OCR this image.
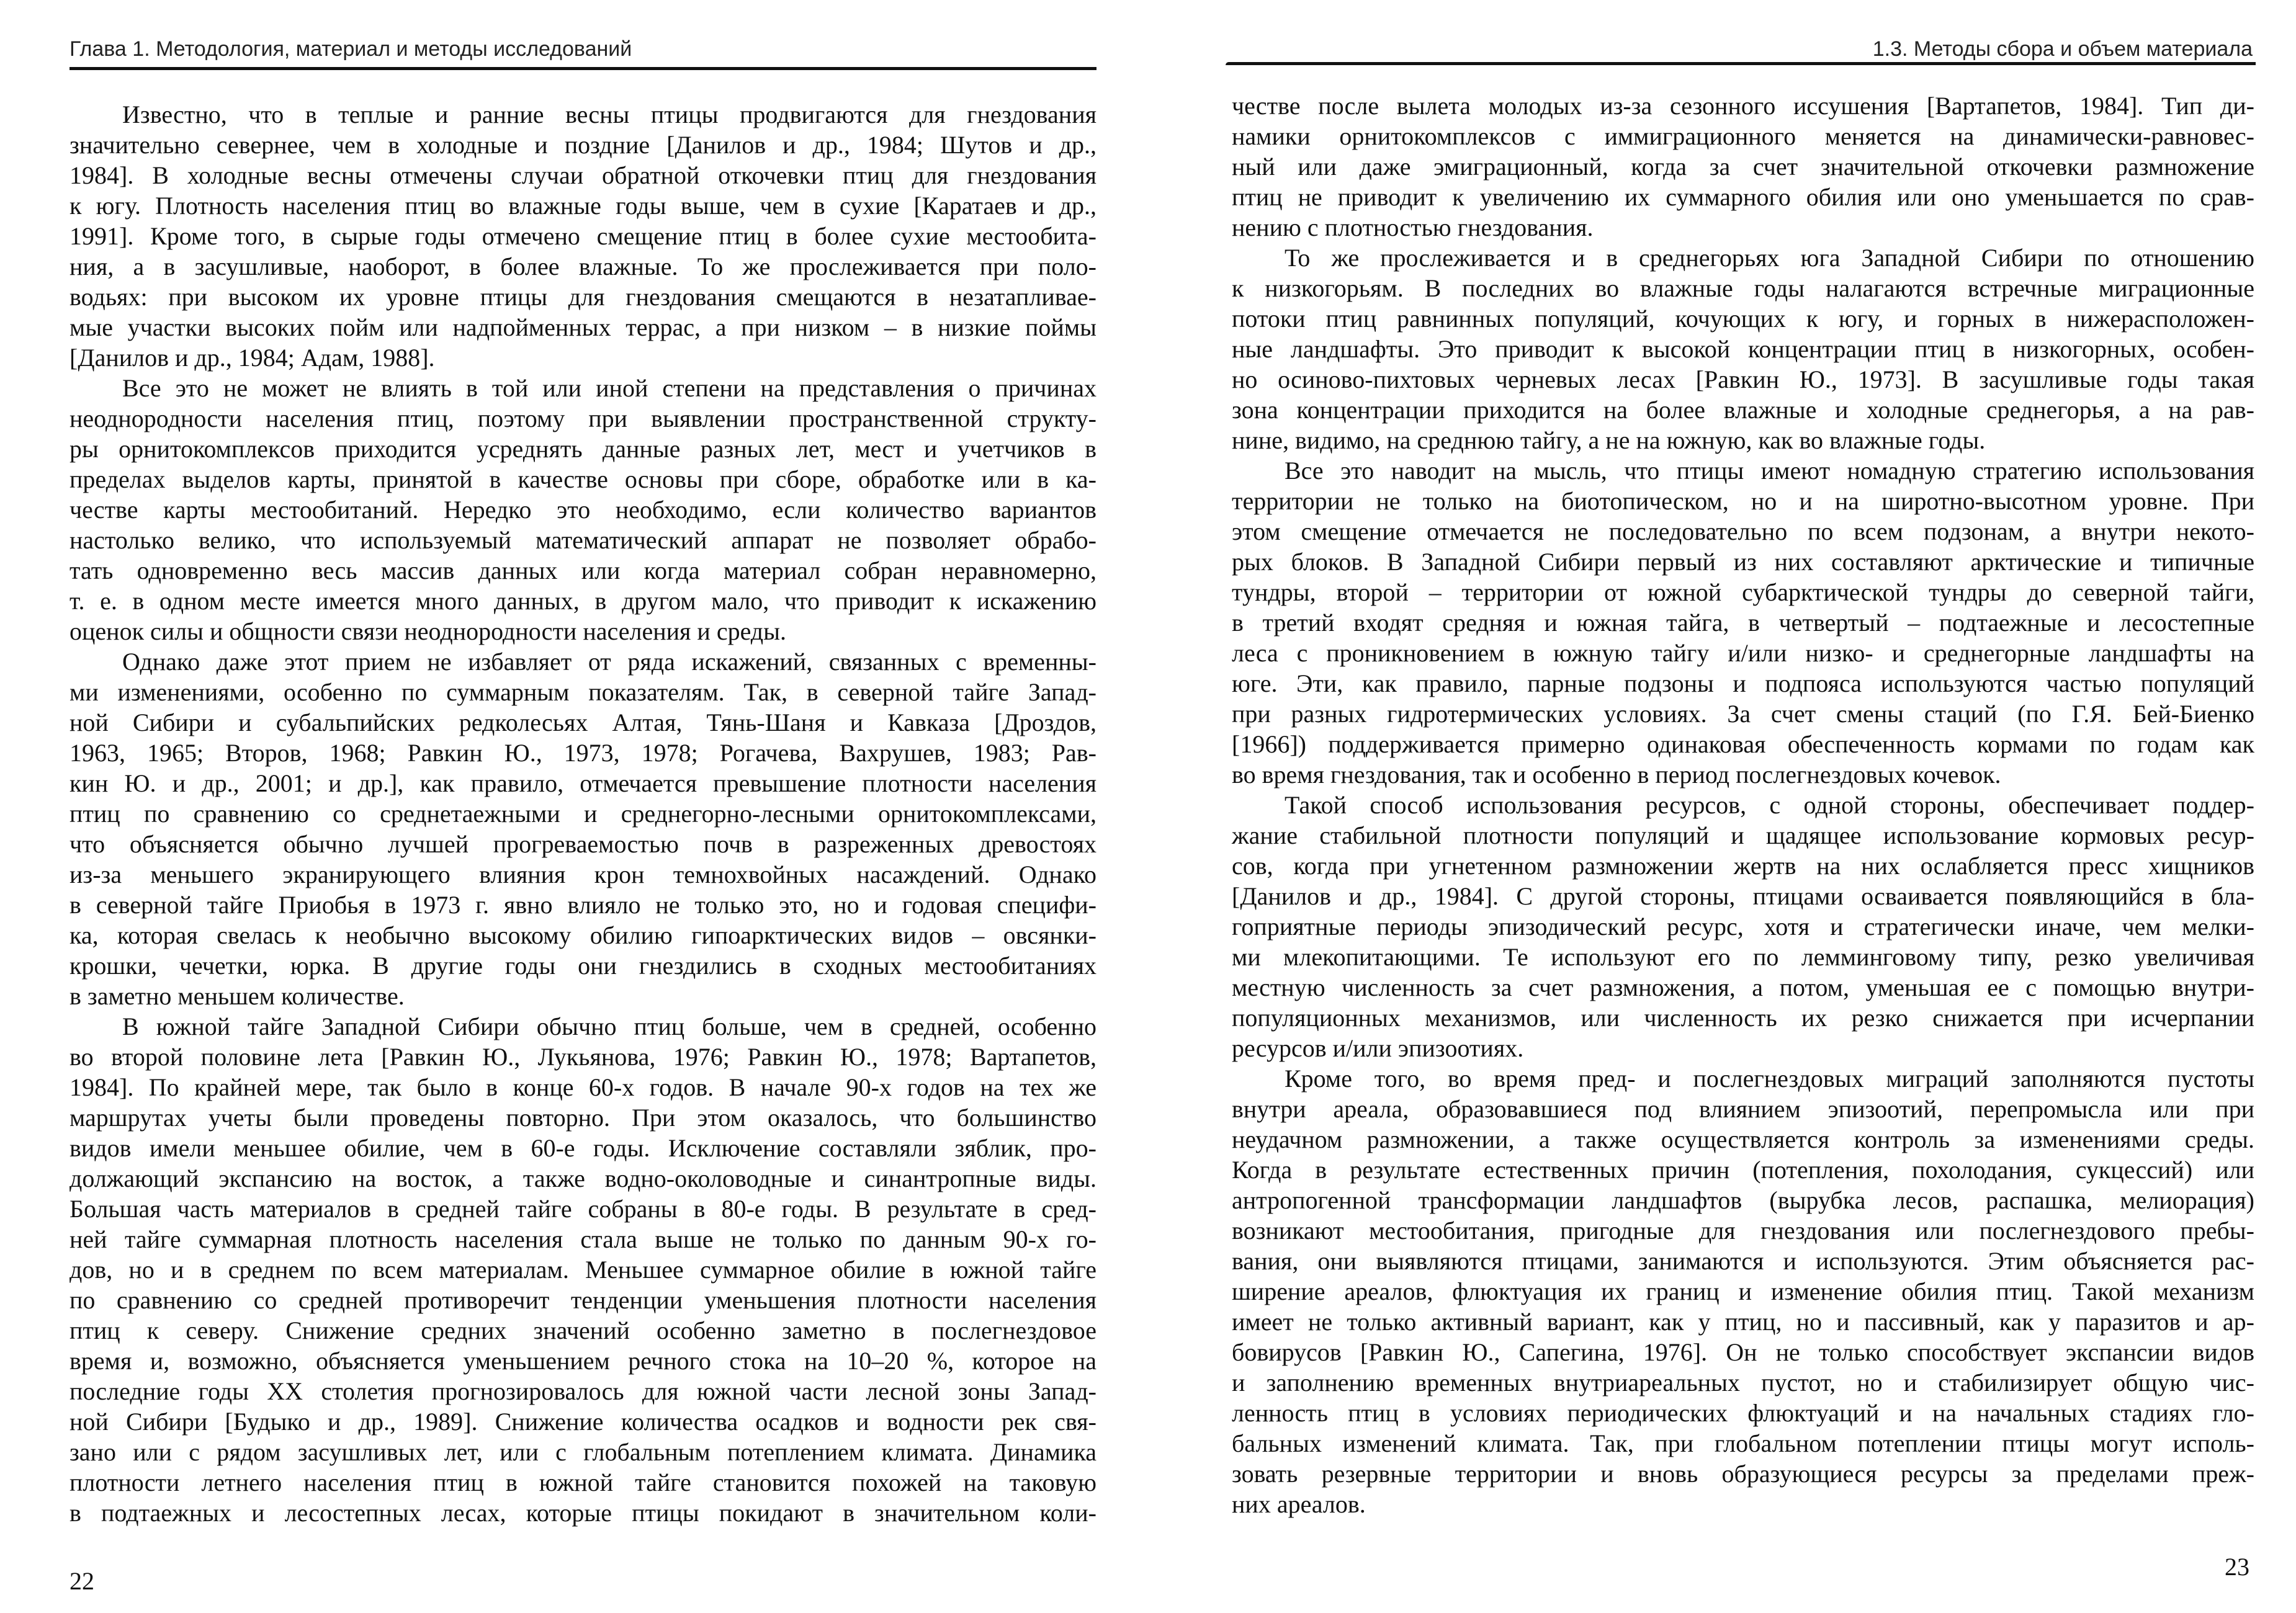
Глава 1. Методология, материал и методы исследований
Известно, что в теплые и ранние весны птицы продвигаются для гнездования
значительно севернее, чем в холодные и поздние [Данилов и др., 1984; Шутов и др.,
1984]. В холодные весны отмечены случаи обратной откочевки птиц для гнездования
к югу. Плотность населения птиц во влажные годы выше, чем в сухие [Каратаев и др.,
1991]. Кроме того, в сырые годы отмечено смещение птиц в более сухие местообита-
ния, а в засушливые, наоборот, в более влажные. То же прослеживается при поло-
водьях: при высоком их уровне птицы для гнездования смещаются в незатапливае-
мые участки высоких пойм или надпойменных террас, а при низком – в низкие поймы
[Данилов и др., 1984; Адам, 1988].
Все это не может не влиять в той или иной степени на представления о причинах
неоднородности населения птиц, поэтому при выявлении пространственной структу-
ры орнитокомплексов приходится усреднять данные разных лет, мест и учетчиков в
пределах выделов карты, принятой в качестве основы при сборе, обработке или в ка-
честве карты местообитаний. Нередко это необходимо, если количество вариантов
настолько велико, что используемый математический аппарат не позволяет обрабо-
тать одновременно весь массив данных или когда материал собран неравномерно,
т. е. в одном месте имеется много данных, в другом мало, что приводит к искажению
оценок силы и общности связи неоднородности населения и среды.
Однако даже этот прием не избавляет от ряда искажений, связанных с временны-
ми изменениями, особенно по суммарным показателям. Так, в северной тайге Запад-
ной Сибири и субальпийских редколесьях Алтая, Тянь-Шаня и Кавказа [Дроздов,
1963, 1965; Второв, 1968; Равкин Ю., 1973, 1978; Рогачева, Вахрушев, 1983; Рав-
кин Ю. и др., 2001; и др.], как правило, отмечается превышение плотности населения
птиц по сравнению со среднетаежными и среднегорно-лесными орнитокомплексами,
что объясняется обычно лучшей прогреваемостью почв в разреженных древостоях
из-за меньшего экранирующего влияния крон темнохвойных насаждений. Однако
в северной тайге Приобья в 1973 г. явно влияло не только это, но и годовая специфи-
ка, которая свелась к необычно высокому обилию гипоарктических видов – овсянки-
крошки, чечетки, юрка. В другие годы они гнездились в сходных местообитаниях
в заметно меньшем количестве.
В южной тайге Западной Сибири обычно птиц больше, чем в средней, особенно
во второй половине лета [Равкин Ю., Лукьянова, 1976; Равкин Ю., 1978; Вартапетов,
1984]. По крайней мере, так было в конце 60-х годов. В начале 90-х годов на тех же
маршрутах учеты были проведены повторно. При этом оказалось, что большинство
видов имели меньшее обилие, чем в 60-е годы. Исключение составляли зяблик, про-
должающий экспансию на восток, а также водно-околоводные и синантропные виды.
Большая часть материалов в средней тайге собраны в 80-е годы. В результате в сред-
ней тайге суммарная плотность населения стала выше не только по данным 90-х го-
дов, но и в среднем по всем материалам. Меньшее суммарное обилие в южной тайге
по сравнению со средней противоречит тенденции уменьшения плотности населения
птиц к северу. Снижение средних значений особенно заметно в послегнездовое
время и, возможно, объясняется уменьшением речного стока на 10–20 %, которое на
последние годы XX столетия прогнозировалось для южной части лесной зоны Запад-
ной Сибири [Будыко и др., 1989]. Снижение количества осадков и водности рек свя-
зано или с рядом засушливых лет, или с глобальным потеплением климата. Динамика
плотности летнего населения птиц в южной тайге становится похожей на таковую
в подтаежных и лесостепных лесах, которые птицы покидают в значительном коли-
22
1.3. Методы сбора и объем материала
честве после вылета молодых из-за сезонного иссушения [Вартапетов, 1984]. Тип ди-
намики орнитокомплексов с иммиграционного меняется на динамически-равновес-
ный или даже эмиграционный, когда за счет значительной откочевки размножение
птиц не приводит к увеличению их суммарного обилия или оно уменьшается по срав-
нению с плотностью гнездования.
То же прослеживается и в среднегорьях юга Западной Сибири по отношению
к низкогорьям. В последних во влажные годы налагаются встречные миграционные
потоки птиц равнинных популяций, кочующих к югу, и горных в нижерасположен-
ные ландшафты. Это приводит к высокой концентрации птиц в низкогорных, особен-
но осиново-пихтовых черневых лесах [Равкин Ю., 1973]. В засушливые годы такая
зона концентрации приходится на более влажные и холодные среднегорья, а на рав-
нине, видимо, на среднюю тайгу, а не на южную, как во влажные годы.
Все это наводит на мысль, что птицы имеют номадную стратегию использования
территории не только на биотопическом, но и на широтно-высотном уровне. При
этом смещение отмечается не последовательно по всем подзонам, а внутри некото-
рых блоков. В Западной Сибири первый из них составляют арктические и типичные
тундры, второй – территории от южной субарктической тундры до северной тайги,
в третий входят средняя и южная тайга, в четвертый – подтаежные и лесостепные
леса с проникновением в южную тайгу и/или низко- и среднегорные ландшафты на
юге. Эти, как правило, парные подзоны и подпояса используются частью популяций
при разных гидротермических условиях. За счет смены стаций (по Г.Я. Бей-Биенко
[1966]) поддерживается примерно одинаковая обеспеченность кормами по годам как
во время гнездования, так и особенно в период послегнездовых кочевок.
Такой способ использования ресурсов, с одной стороны, обеспечивает поддер-
жание стабильной плотности популяций и щадящее использование кормовых ресур-
сов, когда при угнетенном размножении жертв на них ослабляется пресс хищников
[Данилов и др., 1984]. С другой стороны, птицами осваивается появляющийся в бла-
гоприятные периоды эпизодический ресурс, хотя и стратегически иначе, чем мелки-
ми млекопитающими. Те используют его по лемминговому типу, резко увеличивая
местную численность за счет размножения, а потом, уменьшая ее с помощью внутри-
популяционных механизмов, или численность их резко снижается при исчерпании
ресурсов и/или эпизоотиях.
Кроме того, во время пред- и послегнездовых миграций заполняются пустоты
внутри ареала, образовавшиеся под влиянием эпизоотий, перепромысла или при
неудачном размножении, а также осуществляется контроль за изменениями среды.
Когда в результате естественных причин (потепления, похолодания, сукцессий) или
антропогенной трансформации ландшафтов (вырубка лесов, распашка, мелиорация)
возникают местообитания, пригодные для гнездования или послегнездового пребы-
вания, они выявляются птицами, занимаются и используются. Этим объясняется рас-
ширение ареалов, флюктуация их границ и изменение обилия птиц. Такой механизм
имеет не только активный вариант, как у птиц, но и пассивный, как у паразитов и ар-
бовирусов [Равкин Ю., Сапегина, 1976]. Он не только способствует экспансии видов
и заполнению временных внутриареальных пустот, но и стабилизирует общую чис-
ленность птиц в условиях периодических флюктуаций и на начальных стадиях гло-
бальных изменений климата. Так, при глобальном потеплении птицы могут исполь-
зовать резервные территории и вновь образующиеся ресурсы за пределами преж-
них ареалов.
23
